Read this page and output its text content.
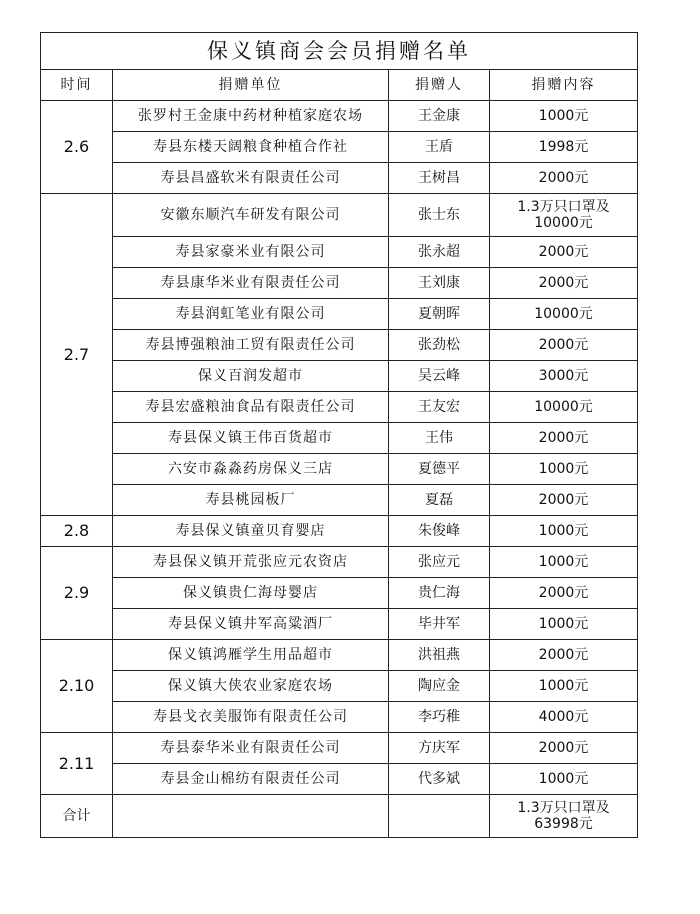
保义镇商会会员捐赠名单			
时间	捐赠单位	捐赠人	捐赠内容
2.6	张罗村王金康中药材种植家庭农场	王金康	1000元
	寿县东楼天阔粮食种植合作社	王盾	1998元
	寿县昌盛软米有限责任公司	王树昌	2000元
2.7	安徽东顺汽车研发有限公司	张士东	1.3万只口罩及10000元
	寿县家豪米业有限公司	张永超	2000元
	寿县康华米业有限责任公司	王刘康	2000元
	寿县润虹笔业有限公司	夏朝晖	10000元
	寿县博强粮油工贸有限责任公司	张劲松	2000元
	保义百润发超市	吴云峰	3000元
	寿县宏盛粮油食品有限责任公司	王友宏	10000元
	寿县保义镇王伟百货超市	王伟	2000元
	六安市淼淼药房保义三店	夏德平	1000元
	寿县桃园板厂	夏磊	2000元
2.8	寿县保义镇童贝育婴店	朱俊峰	1000元
2.9	寿县保义镇开荒张应元农资店	张应元	1000元
	保义镇贵仁海母婴店	贵仁海	2000元
	寿县保义镇井军高粱酒厂	毕井军	1000元
2.10	保义镇鸿雁学生用品超市	洪祖燕	2000元
	保义镇大侠农业家庭农场	陶应金	1000元
	寿县戈衣美服饰有限责任公司	李巧稚	4000元
2.11	寿县泰华米业有限责任公司	方庆军	2000元
	寿县金山棉纺有限责任公司	代多斌	1000元
合计			1.3万只口罩及63998元
